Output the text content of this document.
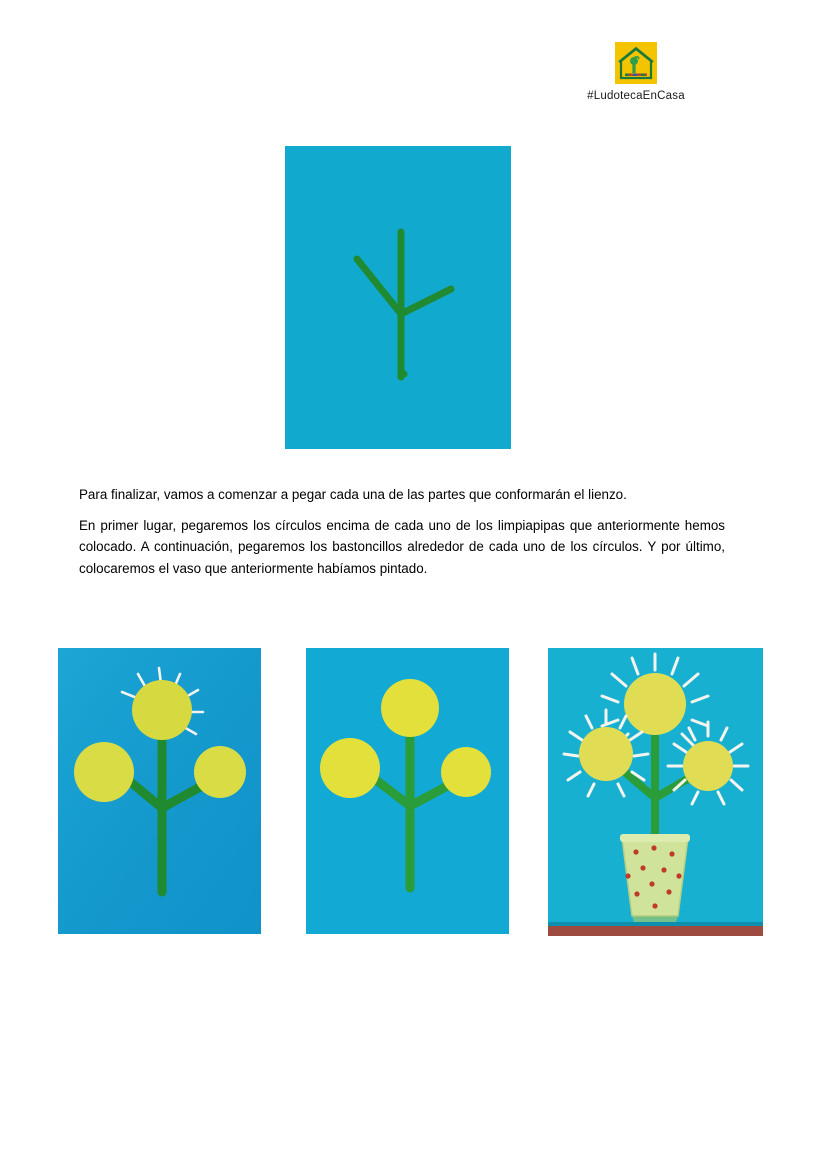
#LudotecaEnCasa

Para finalizar, vamos a comenzar a pegar cada una de las partes que conformarán el lienzo.

En primer lugar, pegaremos los círculos encima de cada uno de los limpiapipas que anteriormente hemos colocado. A continuación, pegaremos los bastoncillos alrededor de cada uno de los círculos. Y por último, colocaremos el vaso que anteriormente habíamos pintado.
